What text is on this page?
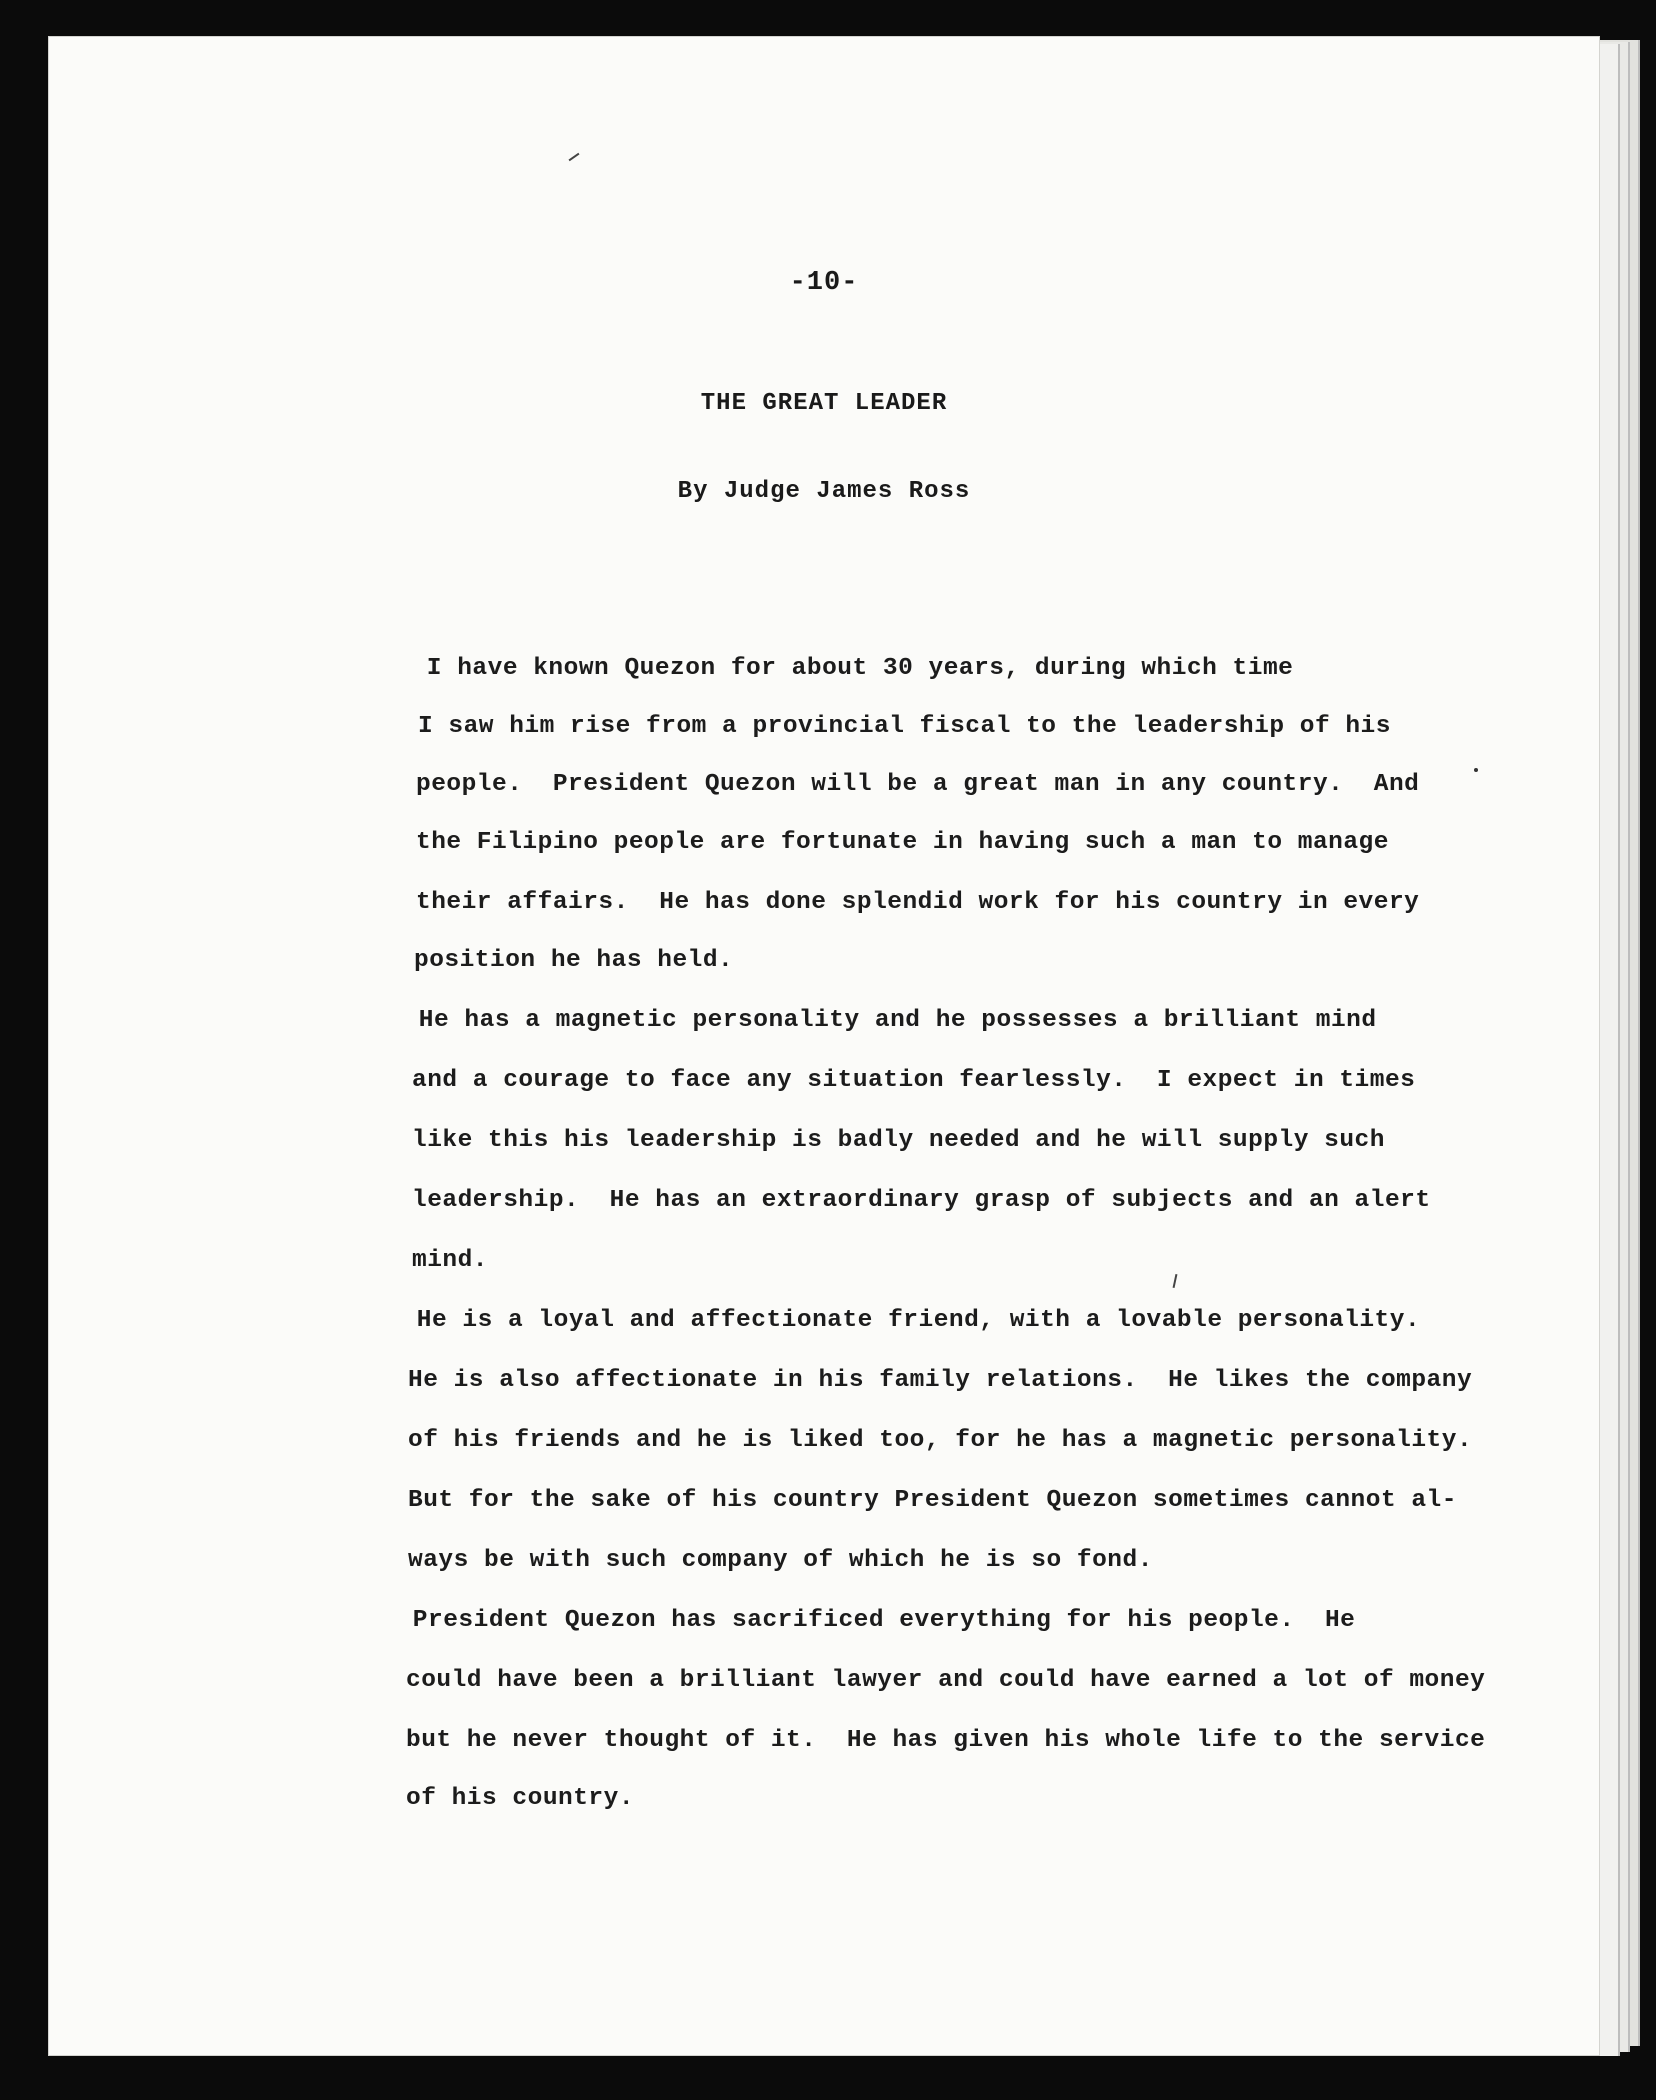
-10-
THE GREAT LEADER
By Judge James Ross
I have known Quezon for about 30 years, during which time
I saw him rise from a provincial fiscal to the leadership of his
people.  President Quezon will be a great man in any country.  And
the Filipino people are fortunate in having such a man to manage
their affairs.  He has done splendid work for his country in every
position he has held.
He has a magnetic personality and he possesses a brilliant mind
and a courage to face any situation fearlessly.  I expect in times
like this his leadership is badly needed and he will supply such
leadership.  He has an extraordinary grasp of subjects and an alert
mind.
He is a loyal and affectionate friend, with a lovable personality.
He is also affectionate in his family relations.  He likes the company
of his friends and he is liked too, for he has a magnetic personality.
But for the sake of his country President Quezon sometimes cannot al-
ways be with such company of which he is so fond.
President Quezon has sacrificed everything for his people.  He
could have been a brilliant lawyer and could have earned a lot of money
but he never thought of it.  He has given his whole life to the service
of his country.
